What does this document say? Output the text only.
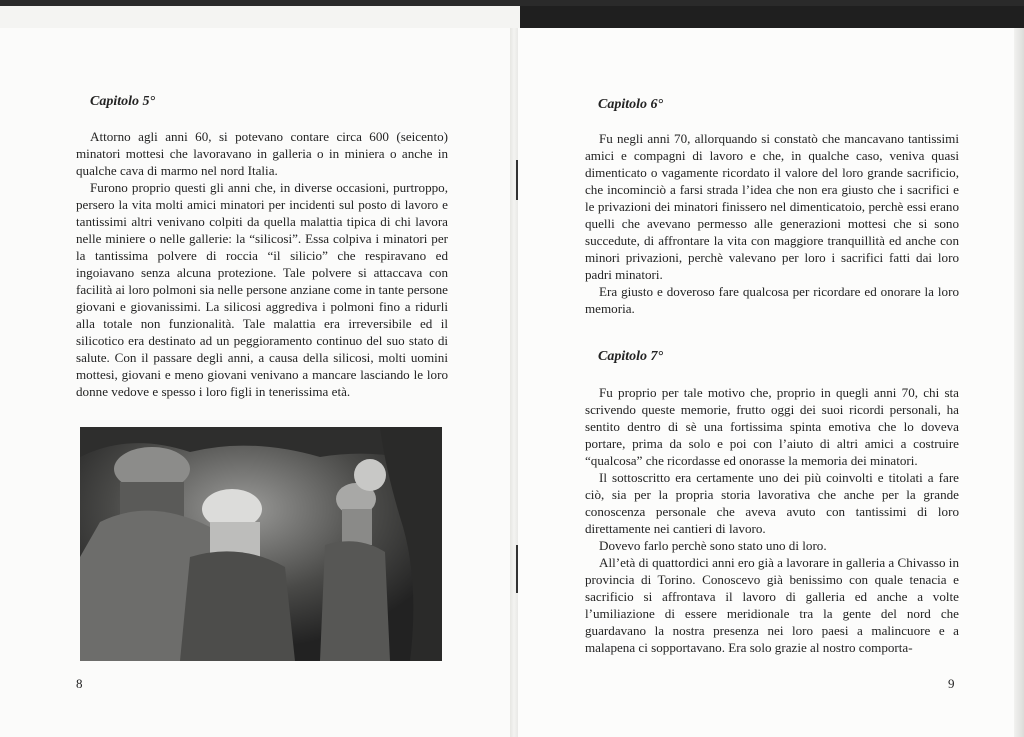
Capitolo 5°

Attorno agli anni 60, si potevano contare circa 600 (seicento) minatori mottesi che lavoravano in galleria o in miniera o anche in qualche cava di marmo nel nord Italia.

Furono proprio questi gli anni che, in diverse occasioni, purtroppo, persero la vita molti amici minatori per incidenti sul posto di lavoro e tantissimi altri venivano colpiti da quella malattia tipica di chi lavora nelle miniere o nelle gallerie: la “silicosi”. Essa colpiva i minatori per la tantissima polvere di roccia “il silicio” che respiravano ed ingoiavano senza alcuna protezione. Tale polvere si attaccava con facilità ai loro polmoni sia nelle persone anziane come in tante persone giovani e giovanissimi. La silicosi aggrediva i polmoni fino a ridurli alla totale non funzionalità. Tale malattia era irreversibile ed il silicotico era destinato ad un peggioramento continuo del suo stato di salute. Con il passare degli anni, a causa della silicosi, molti uomini mottesi, giovani e meno giovani venivano a mancare lasciando le loro donne vedove e spesso i loro figli in tenerissima età.

8
Capitolo 6°

Fu negli anni 70, allorquando si constatò che mancavano tantissimi amici e compagni di lavoro e che, in qualche caso, veniva quasi dimenticato o vagamente ricordato il valore del loro grande sacrificio, che incominciò a farsi strada l’idea che non era giusto che i sacrifici e le privazioni dei minatori finissero nel dimenticatoio, perchè essi erano quelli che avevano permesso alle generazioni mottesi che si sono succedute, di affrontare la vita con maggiore tranquillità ed anche con minori privazioni, perchè valevano per loro i sacrifici fatti dai loro padri minatori.

Era giusto e doveroso fare qualcosa per ricordare ed onorare la loro memoria.

Capitolo 7°

Fu proprio per tale motivo che, proprio in quegli anni 70, chi sta scrivendo queste memorie, frutto oggi dei suoi ricordi personali, ha sentito dentro di sè una fortissima spinta emotiva che lo doveva portare, prima da solo e poi con l’aiuto di altri amici a costruire “qualcosa” che ricordasse ed onorasse la memoria dei minatori.

Il sottoscritto era certamente uno dei più coinvolti e titolati a fare ciò, sia per la propria storia lavorativa che anche per la grande conoscenza personale che aveva avuto con tantissimi di loro direttamente nei cantieri di lavoro.

Dovevo farlo perchè sono stato uno di loro.

All’età di quattordici anni ero già a lavorare in galleria a Chivasso in provincia di Torino. Conoscevo già benissimo con quale tenacia e sacrificio si affrontava il lavoro di galleria ed anche a volte l’umiliazione di essere meridionale tra la gente del nord che guardavano la nostra presenza nei loro paesi a malincuore e a malapena ci sopportavano. Era solo grazie al nostro comporta-

9
